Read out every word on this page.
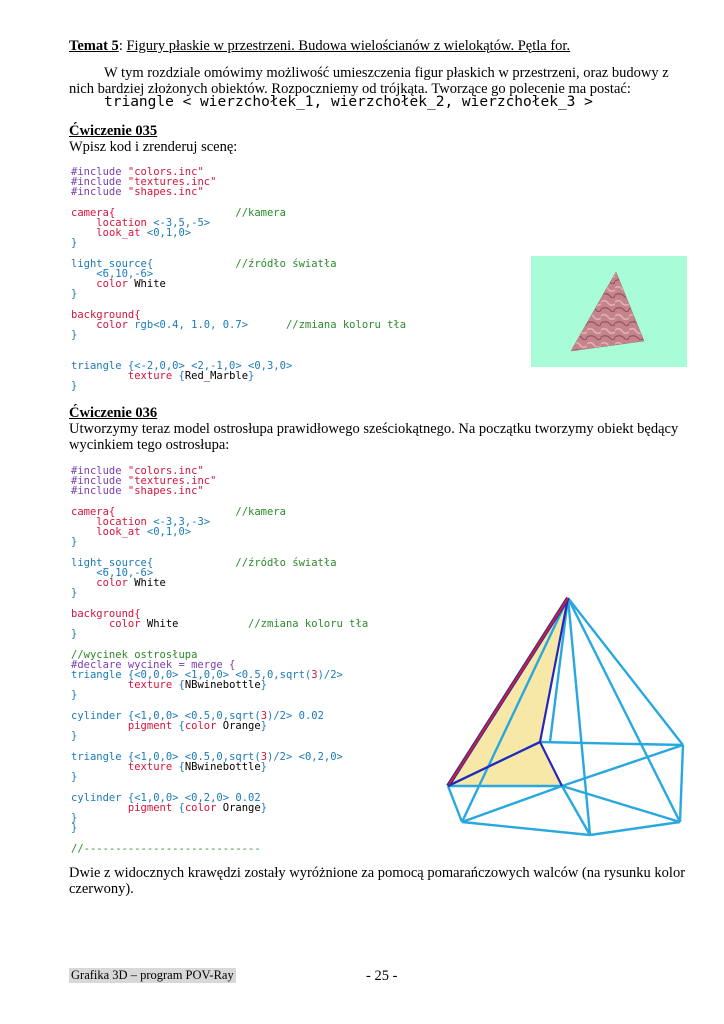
Temat 5: Figury płaskie w przestrzeni. Budowa wielościanów z wielokątów. Pętla for.
W tym rozdziale omówimy możliwość umieszczenia figur płaskich w przestrzeni, oraz budowy z
nich bardziej złożonych obiektów. Rozpoczniemy od trójkąta. Tworzące go polecenie ma postać:
triangle < wierzchołek_1, wierzchołek_2, wierzchołek_3 >
Ćwiczenie 035
Wpisz kod i zrenderuj scenę:
#include "colors.inc"
#include "textures.inc"
#include "shapes.inc"

camera{	//kamera
location <-3,5,-5>
look_at <0,1,0>
}

light_source{	//źródło światła
<6,10,-6>
color White
}

background{
color rgb<0.4, 1.0, 0.7>	//zmiana koloru tła
}

triangle {<-2,0,0> <2,-1,0> <0,3,0>
texture {Red_Marble}
}
Ćwiczenie 036
Utworzymy teraz model ostrosłupa prawidłowego sześciokątnego. Na początku tworzymy obiekt będący
wycinkiem tego ostrosłupa:
#include "colors.inc"
#include "textures.inc"
#include "shapes.inc"

camera{	//kamera
location <-3,3,-3>
look_at <0,1,0>
}

light_source{	//źródło światła
<6,10,-6>
color White
}

background{
color White	//zmiana koloru tła
}

//wycinek ostrosłupa
#declare wycinek = merge {
triangle {<0,0,0> <1,0,0> <0.5,0,sqrt(3)/2>
texture {NBwinebottle}
}

cylinder {<1,0,0> <0.5,0,sqrt(3)/2> 0.02
pigment {color Orange}
}

triangle {<1,0,0> <0.5,0,sqrt(3)/2> <0,2,0>
texture {NBwinebottle}
}

cylinder {<1,0,0> <0,2,0> 0.02
pigment {color Orange}
}
}

//----------------------------
Dwie z widocznych krawędzi zostały wyróżnione za pomocą pomarańczowych walców (na rysunku kolor
czerwony).
Grafika 3D – program POV-Ray	- 25 -
